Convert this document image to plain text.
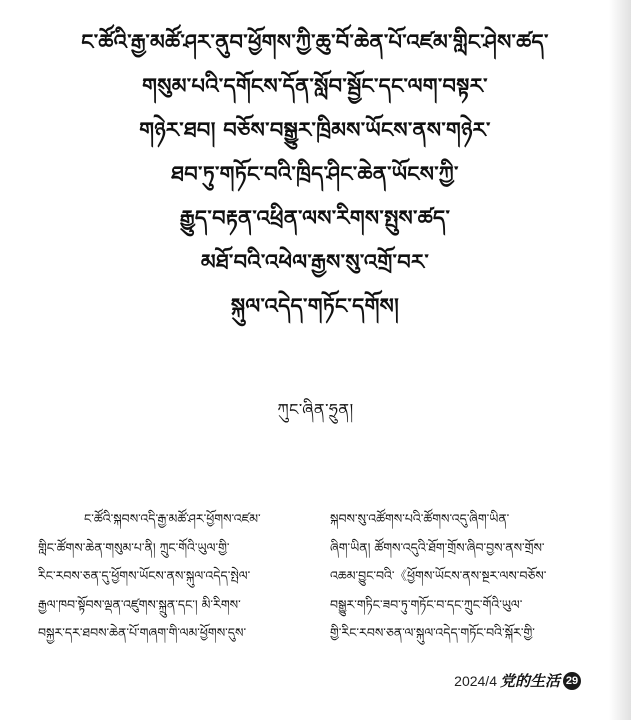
ང་ཚོའི་རྒྱ་མཚོ་ཤར་ནུབ་ཕྱོགས་ཀྱི་ཆུ་བོ་ཆེན་པོ་འཛམ་གླིང་ཤེས་ཚད་
གསུམ་པའི་དགོངས་དོན་སློབ་སྦྱོང་དང་ལག་བསྟར་
གཉེར་ཐབ། བཅོས་བསྒྱུར་ཁྲིམས་ཡོངས་ནས་གཉེར་
ཐབ་ཏུ་གཏོང་བའི་ཁྲིད་ཤིང་ཆེན་ཡོངས་ཀྱི་
རྒྱུད་བརྟན་འཕྲིན་ལས་རིགས་སྤུས་ཚད་
མཐོ་བའི་འཕེལ་རྒྱས་སུ་འགྲོ་བར་
སྐུལ་འདེད་གཏོང་དགོས།
ཀུང་ཞིན་ཧྲུན།
ང་ཚོའི་སྐབས་འདི་རྒྱ་མཚོ་ཤར་ཕྱོགས་འཛམ་
གླིང་ཚོགས་ཆེན་གསུམ་པ་ནི། ཀྲུང་གོའི་ཡུལ་གྱི་
རིང་རབས་ཅན་དུ་ཕྱོགས་ཡོངས་ནས་སྐུལ་འདེད་སྤེལ་
རྒྱལ་ཁབ་སྟོབས་ལྡན་འཛུགས་སྐྲུན་དང་། མི་རིགས་
བསྐྱར་དར་ཐབས་ཆེན་པོ་གཞག་གི་ལམ་ཕྱོགས་དུས་
སྐབས་སུ་འཚོགས་པའི་ཚོགས་འདུ་ཞིག་ཡིན་
ཞིག་ཡིན། ཚོགས་འདུའི་ཐོག་གྲོས་ཞིབ་བྱས་ནས་གྲོས་
འཆམ་བྱུང་བའི་《ཕྱོགས་ཡོངས་ནས་སྔར་ལས་བཅོས་
བསྒྱུར་གཏིང་ཟབ་ཏུ་གཏོང་བ་དང་ཀྲུང་གོའི་ཡུལ་
གྱི་རིང་རབས་ཅན་ལ་སྐུལ་འདེད་གཏོང་བའི་སྐོར་གྱི་
2024/4 党的生活 29
